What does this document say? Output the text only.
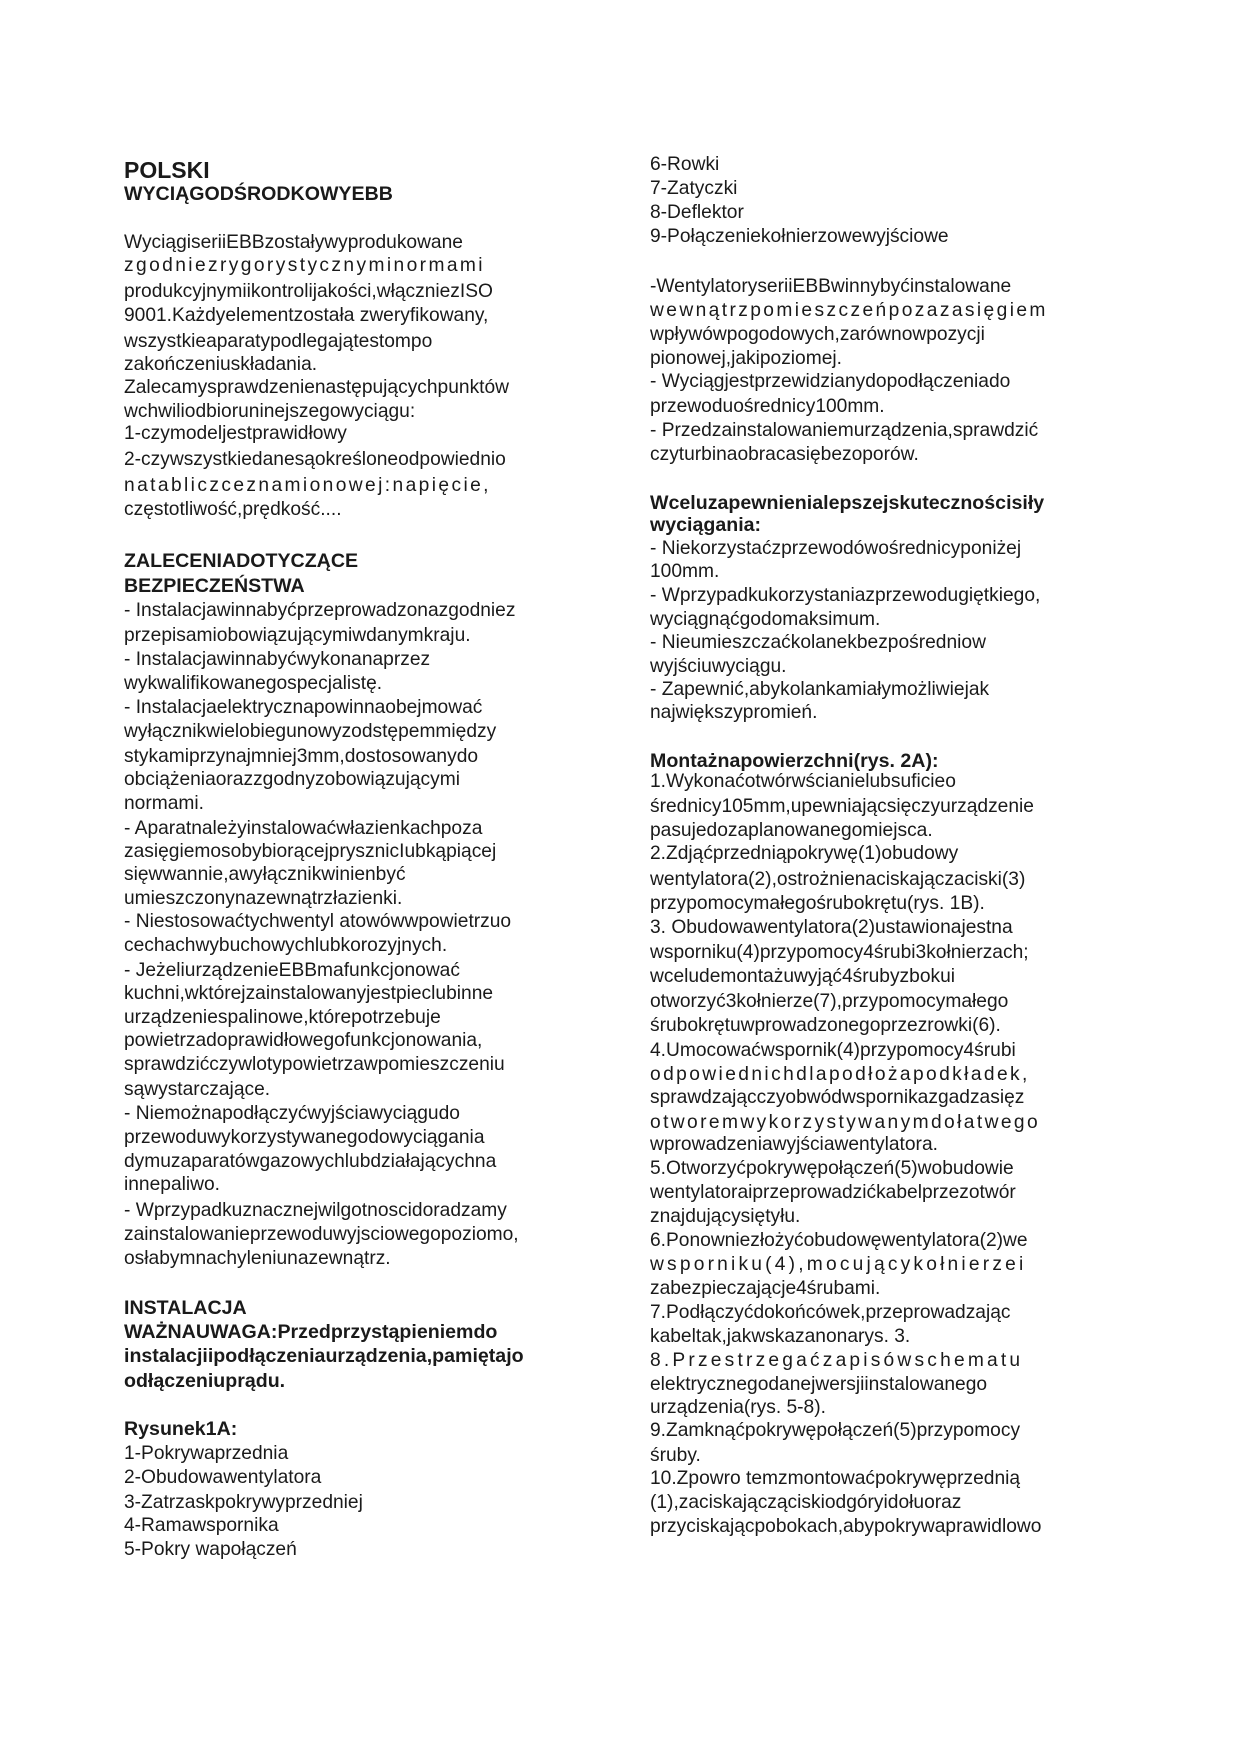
POLSKI
WYCIĄGODŚRODKOWYEBB
WyciągiseriiEBBzostaływyprodukowane
zgodniezrygorystycznyminormami
produkcyjnymiikontrolijakości,włączniezISO
9001.Każdyelementzostała zweryfikowany,
wszystkieaparatypodlegajątestompo
zakończeniuskładania.
Zalecamysprawdzenienastępującychpunktów
wchwiliodbioruninejszegowyciągu:
1-czymodeljestprawidłowy
2-czywszystkiedanesąokreśloneodpowiednio
natabliczceznamionowej:napięcie,
częstotliwość,prędkość....
ZALECENIADOTYCZĄCE
BEZPIECZEŃSTWA
- Instalacjawinnabyćprzeprowadzonazgodniez
przepisamiobowiązującymiwdanymkraju.
- Instalacjawinnabyćwykonanaprzez
wykwalifikowanegospecjalistę.
- Instalacjaelektrycznapowinnaobejmować
wyłącznikwielobiegunowyzodstępemmiędzy
stykamiprzynajmniej3mm,dostosowanydo
obciążeniaorazzgodnyzobowiązującymi
normami.
- Aparatnależyinstalowaćwłazienkachpoza
zasięgiemosobybiorącejprysznicIubkąpiącej
sięwwannie,awyłącznikwinienbyć
umieszczonynazewnątrzłazienki.
- Niestosowaćtychwentyl atowówwpowietrzuo
cechachwybuchowychlubkorozyjnych.
- JeżeliurządzenieEBBmafunkcjonować
kuchni,wktórejzainstalowanyjestpieclubinne
urządzeniespalinowe,którepotrzebuje
powietrzadoprawidłowegofunkcjonowania,
sprawdzićczywlotypowietrzawpomieszczeniu
sąwystarczające.
- Niemożnapodłączyćwyjściawyciągudo
przewoduwykorzystywanegodowyciągania
dymuzaparatówgazowychlubdziałającychna
innepaliwo.
- Wprzypadkuznacznejwilgotnoscidoradzamy
zainstalowanieprzewoduwyjsciowegopoziomo,
osłabymnachyleniunazewnątrz.
INSTALACJA
WAŻNAUWAGA:Przedprzystąpieniemdo
instalacjiipodłączeniaurządzenia,pamiętajo
odłączeniuprądu.
Rysunek1A:
1-Pokrywaprzednia
2-Obudowawentylatora
3-Zatrzaskpokrywyprzedniej
4-Ramawspornika
5-Pokry wapołączeń
6-Rowki
7-Zatyczki
8-Deflektor
9-Połączeniekołnierzowewyjściowe
-WentylatoryseriiEBBwinnybyćinstalowane
wewnątrzpomieszczeńpozazasięgiem
wpływówpogodowych,zarównowpozycji
pionowej,jakipoziomej.
- Wyciągjestprzewidzianydopodłączeniado
przewoduośrednicy100mm.
- Przedzainstalowaniemurządzenia,sprawdzić
czyturbinaobracasiębezoporów.
Wceluzapewnienialepszejskutecznościsiły
wyciągania:
- Niekorzystaćzprzewodówośrednicyponiżej
100mm.
- Wprzypadkukorzystaniazprzewodugiętkiego,
wyciągnąćgodomaksimum.
- Nieumieszczaćkolanekbezpośredniow
wyjściuwyciągu.
- Zapewnić,abykolankamiałymożliwiejak
największypromień.
Montażnapowierzchni(rys. 2A):
1.Wykonaćotwórwścianielubsuficieo
średnicy105mm,upewniającsięczyurządzenie
pasujedozaplanowanegomiejsca.
2.Zdjąćprzedniąpokrywę(1)obudowy
wentylatora(2),ostrożnienaciskajączaciski(3)
przypomocymałegośrubokrętu(rys. 1B).
3. Obudowawentylatora(2)ustawionajestna
wsporniku(4)przypomocy4śrubi3kołnierzach;
wceludemontażuwyjąć4śrubyzbokui
otworzyć3kołnierze(7),przypomocymałego
śrubokrętuwprowadzonegoprzezrowki(6).
4.Umocowaćwspornik(4)przypomocy4śrubi
odpowiednichdlapodłożapodkładek,
sprawdzającczyobwódwspornikazgadzasięz
otworemwykorzystywanymdołatwego
wprowadzeniawyjściawentylatora.
5.Otworzyćpokrywępołączeń(5)wobudowie
wentylatoraiprzeprowadzićkabelprzezotwór
znajdującysiętyłu.
6.Ponowniezłożyćobudowęwentylatora(2)we
wsporniku(4),mocującykołnierzei
zabezpieczającje4śrubami.
7.Podłączyćdokońcówek,przeprowadzając
kabeltak,jakwskazanonarys. 3.
8.Przestrzegaćzapisówschematu
elektrycznegodanejwersjiinstalowanego
urządzenia(rys. 5-8).
9.Zamknąćpokrywępołączeń(5)przypomocy
śruby.
10.Zpowro temzmontowaćpokrywęprzednią
(1),zaciskającząciskiodgóryidołuoraz
przyciskającpobokach,abypokrywaprawidlowo
